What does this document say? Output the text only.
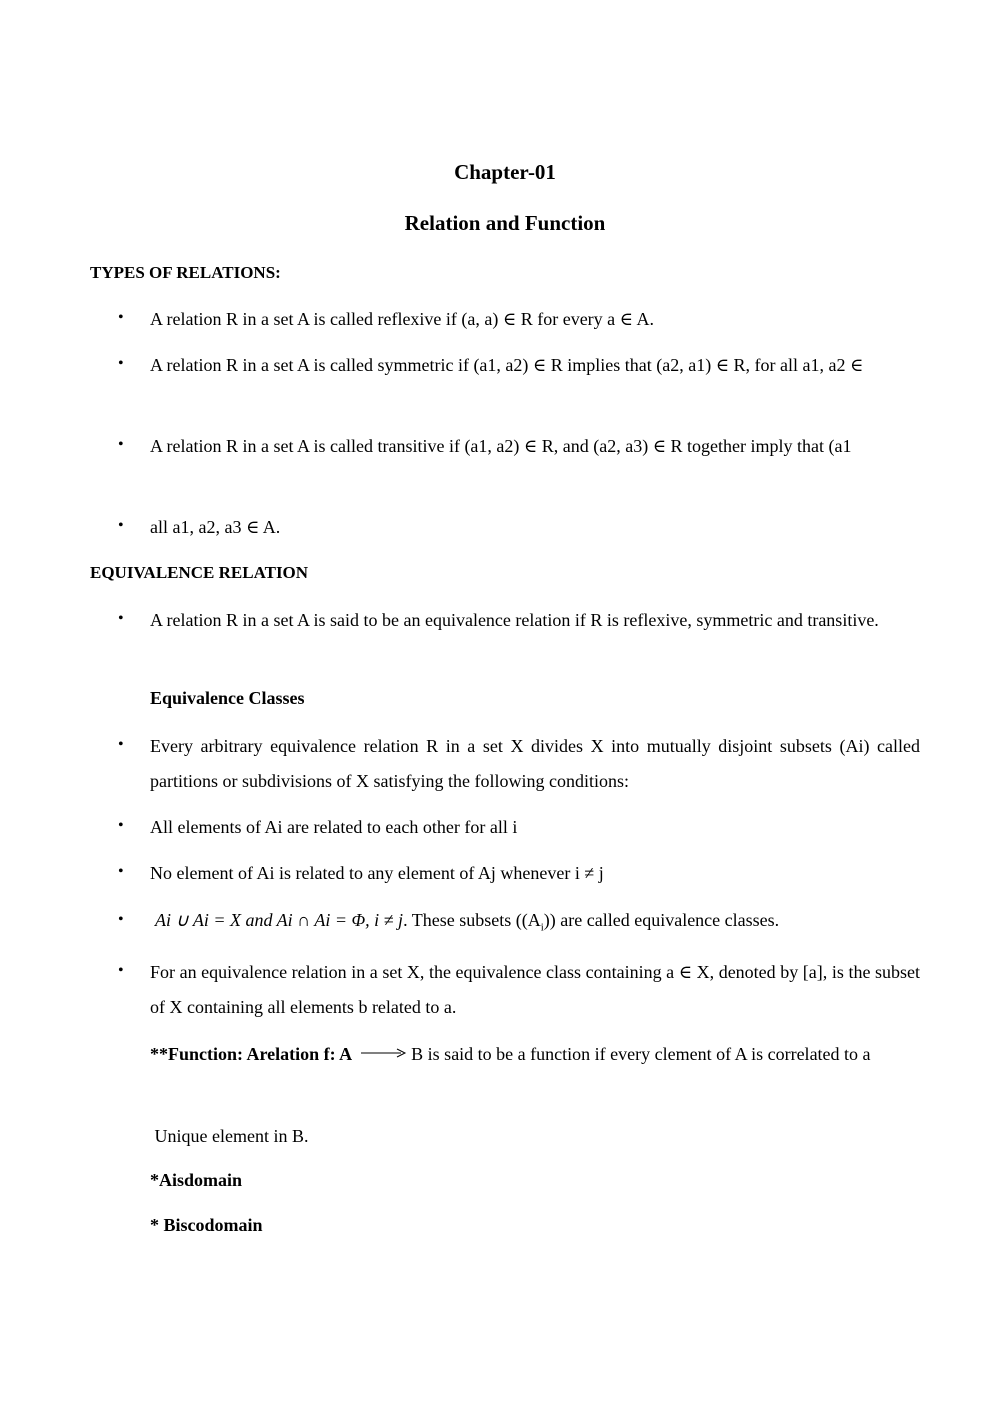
Chapter-01
Relation and Function
TYPES OF RELATIONS:
• A relation R in a set A is called reflexive if (a, a) ∈ R for every a ∈ A.
• A relation R in a set A is called symmetric if (a1, a2) ∈ R implies that (a2, a1) ∈ R, for all a1, a2 ∈
• A relation R in a set A is called transitive if (a1, a2) ∈ R, and (a2, a3) ∈ R together imply that (a1
• all a1, a2, a3 ∈ A.
EQUIVALENCE RELATION
• A relation R in a set A is said to be an equivalence relation if R is reflexive, symmetric and transitive.
Equivalence Classes
• Every arbitrary equivalence relation R in a set X divides X into mutually disjoint subsets (Ai) called partitions or subdivisions of X satisfying the following conditions:
• All elements of Ai are related to each other for all i
• No element of Ai is related to any element of Aj whenever i ≠ j
• Ai ∪ Ai = X and Ai ∩ Ai = Φ, i ≠ j. These subsets $((A_i))$ are called equivalence classes.
• For an equivalence relation in a set X, the equivalence class containing a ∈ X, denoted by [a], is the subset of X containing all elements b related to a.
**Function: Arelation f: A	B is said to be a function if every clement of A is correlated to a
Unique element in B.
*Aisdomain
* Biscodomain
